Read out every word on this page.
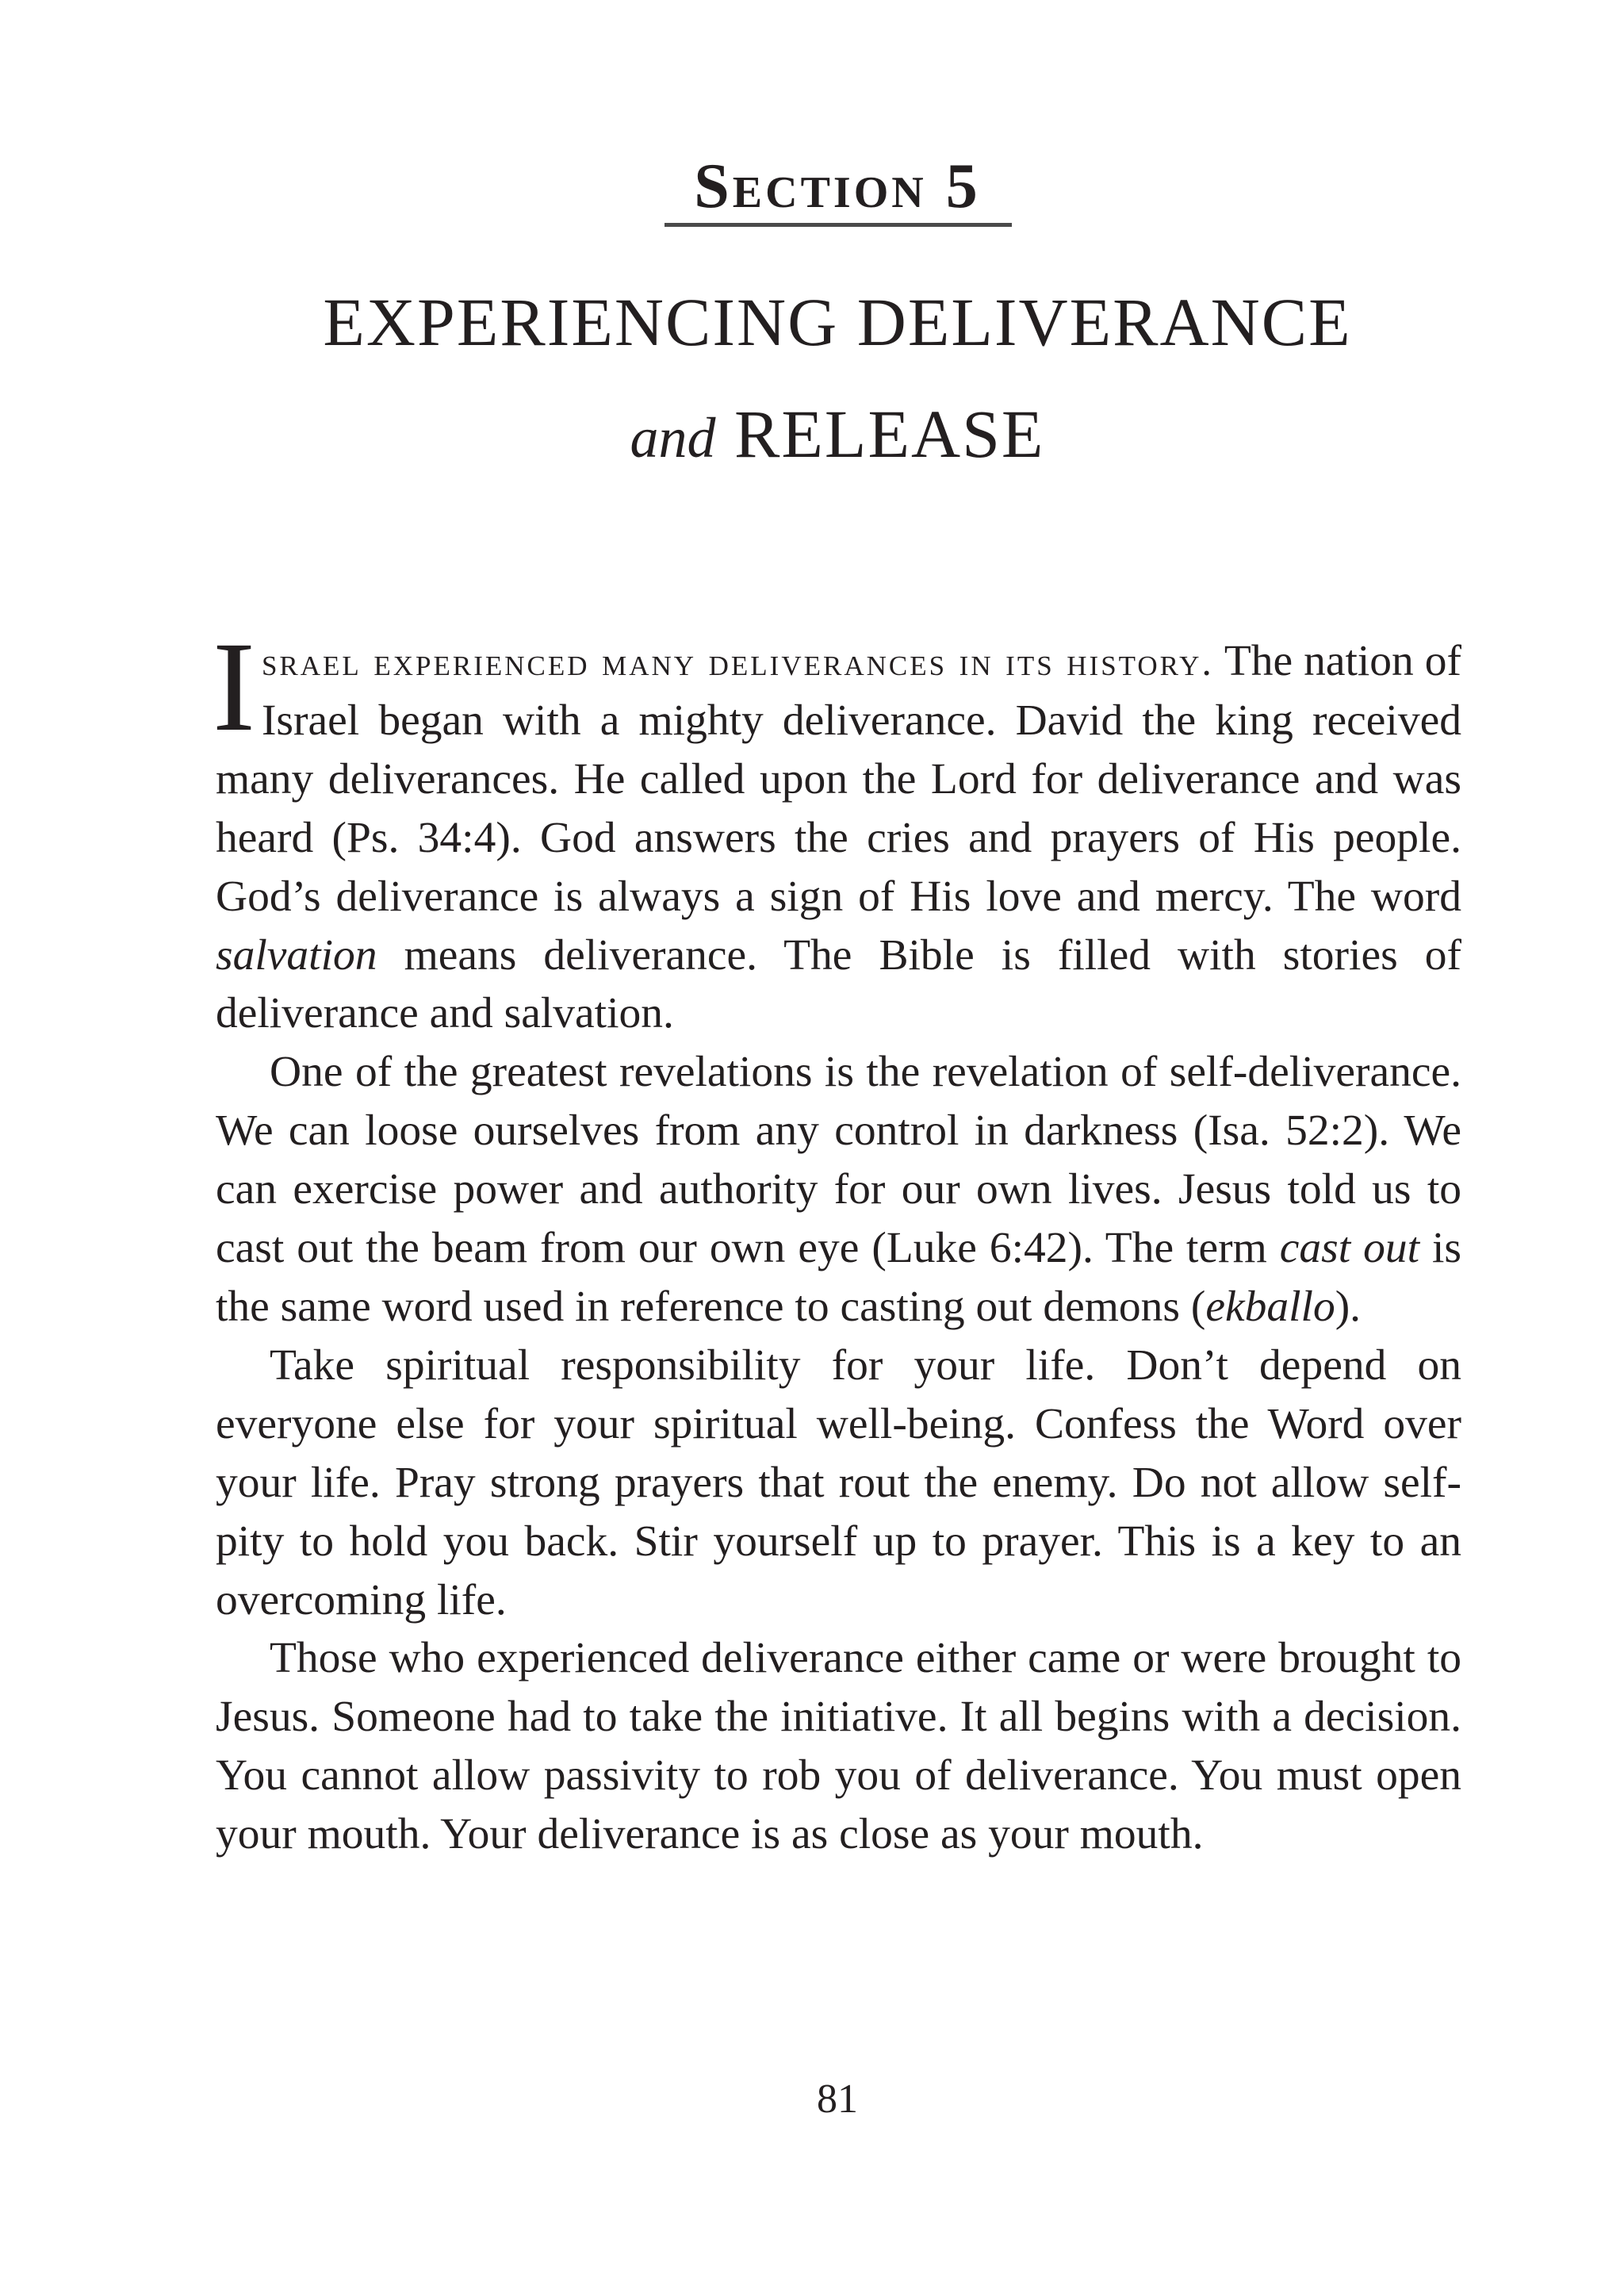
Section 5
EXPERIENCING DELIVERANCE
and RELEASE

Israel experienced many deliverances in its history. The nation of Israel began with a mighty deliverance. David the king received many deliverances. He called upon the Lord for deliverance and was heard (Ps. 34:4). God answers the cries and prayers of His people. God’s deliverance is always a sign of His love and mercy. The word salvation means deliverance. The Bible is filled with stories of deliverance and salvation.

One of the greatest revelations is the revelation of self-deliverance. We can loose ourselves from any control in darkness (Isa. 52:2). We can exercise power and authority for our own lives. Jesus told us to cast out the beam from our own eye (Luke 6:42). The term cast out is the same word used in reference to casting out demons (ekballo).

Take spiritual responsibility for your life. Don’t depend on everyone else for your spiritual well-being. Confess the Word over your life. Pray strong prayers that rout the enemy. Do not allow self-pity to hold you back. Stir yourself up to prayer. This is a key to an overcoming life.

Those who experienced deliverance either came or were brought to Jesus. Someone had to take the initiative. It all begins with a decision. You cannot allow passivity to rob you of deliverance. You must open your mouth. Your deliverance is as close as your mouth.

81
